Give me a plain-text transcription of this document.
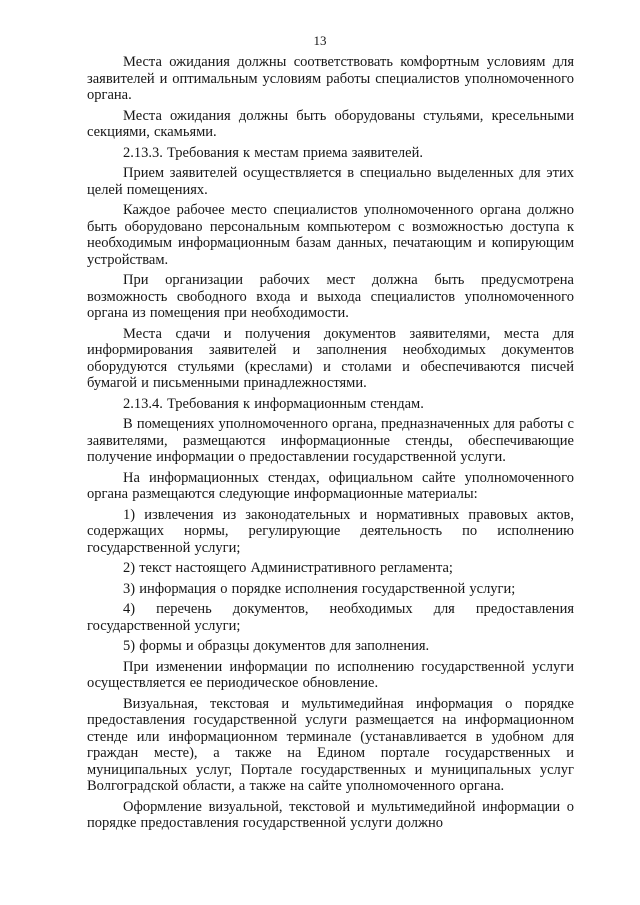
13

Места ожидания должны соответствовать комфортным условиям для заявителей и оптимальным условиям работы специалистов уполномоченного органа.

Места ожидания должны быть оборудованы стульями, кресельными секциями, скамьями.

2.13.3. Требования к местам приема заявителей.

Прием заявителей осуществляется в специально выделенных для этих целей помещениях.

Каждое рабочее место специалистов уполномоченного органа должно быть оборудовано персональным компьютером с возможностью доступа к необходимым информационным базам данных, печатающим и копирующим устройствам.

При организации рабочих мест должна быть предусмотрена возможность свободного входа и выхода специалистов уполномоченного органа из помещения при необходимости.

Места сдачи и получения документов заявителями, места для информирования заявителей и заполнения необходимых документов оборудуются стульями (креслами) и столами и обеспечиваются писчей бумагой и письменными принадлежностями.

2.13.4. Требования к информационным стендам.

В помещениях уполномоченного органа, предназначенных для работы с заявителями, размещаются информационные стенды, обеспечивающие получение информации о предоставлении государственной услуги.

На информационных стендах, официальном сайте уполномоченного органа размещаются следующие информационные материалы:

1) извлечения из законодательных и нормативных правовых актов, содержащих нормы, регулирующие деятельность по исполнению государственной услуги;

2) текст настоящего Административного регламента;

3) информация о порядке исполнения государственной услуги;

4) перечень документов, необходимых для предоставления государственной услуги;

5) формы и образцы документов для заполнения.

При изменении информации по исполнению государственной услуги осуществляется ее периодическое обновление.

Визуальная, текстовая и мультимедийная информация о порядке предоставления государственной услуги размещается на информационном стенде или информационном терминале (устанавливается в удобном для граждан месте), а также на Едином портале государственных и муниципальных услуг, Портале государственных и муниципальных услуг Волгоградской области, а также на сайте уполномоченного органа.

Оформление визуальной, текстовой и мультимедийной информации о порядке предоставления государственной услуги должно
